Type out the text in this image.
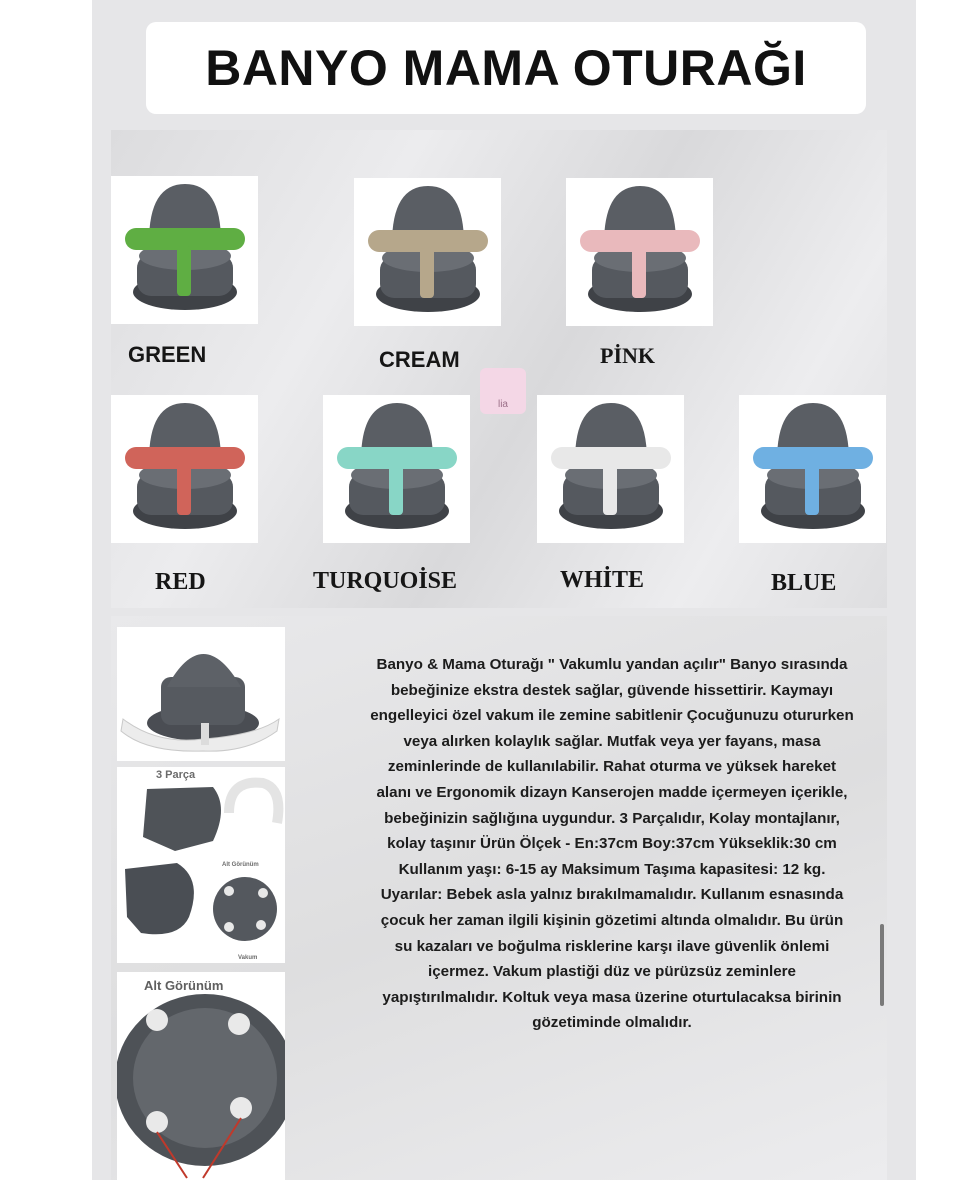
BANYO MAMA OTURAĞI
lia
GREEN	CREAM	PİNK
RED	TURQUOİSE	WHİTE	BLUE
3 Parça
Alt Görünüm
Vakum
Alt Görünüm
Banyo & Mama Oturağı " Vakumlu yandan açılır" Banyo sırasında bebeğinize ekstra destek sağlar, güvende hissettirir. Kaymayı engelleyici özel vakum ile zemine sabitlenir Çocuğunuzu otururken veya alırken kolaylık sağlar. Mutfak veya yer fayans, masa zeminlerinde de kullanılabilir. Rahat oturma ve yüksek hareket alanı ve Ergonomik dizayn Kanserojen madde içermeyen içerikle, bebeğinizin sağlığına uygundur. 3 Parçalıdır, Kolay montajlanır, kolay taşınır Ürün Ölçek - En:37cm Boy:37cm Yükseklik:30 cm Kullanım yaşı: 6-15 ay Maksimum Taşıma kapasitesi: 12 kg. Uyarılar: Bebek asla yalnız bırakılmamalıdır. Kullanım esnasında çocuk her zaman ilgili kişinin gözetimi altında olmalıdır. Bu ürün su kazaları ve boğulma risklerine karşı ilave güvenlik önlemi içermez. Vakum plastiği düz ve pürüzsüz zeminlere yapıştırılmalıdır. Koltuk veya masa üzerine oturtulacaksa birinin gözetiminde olmalıdır.
